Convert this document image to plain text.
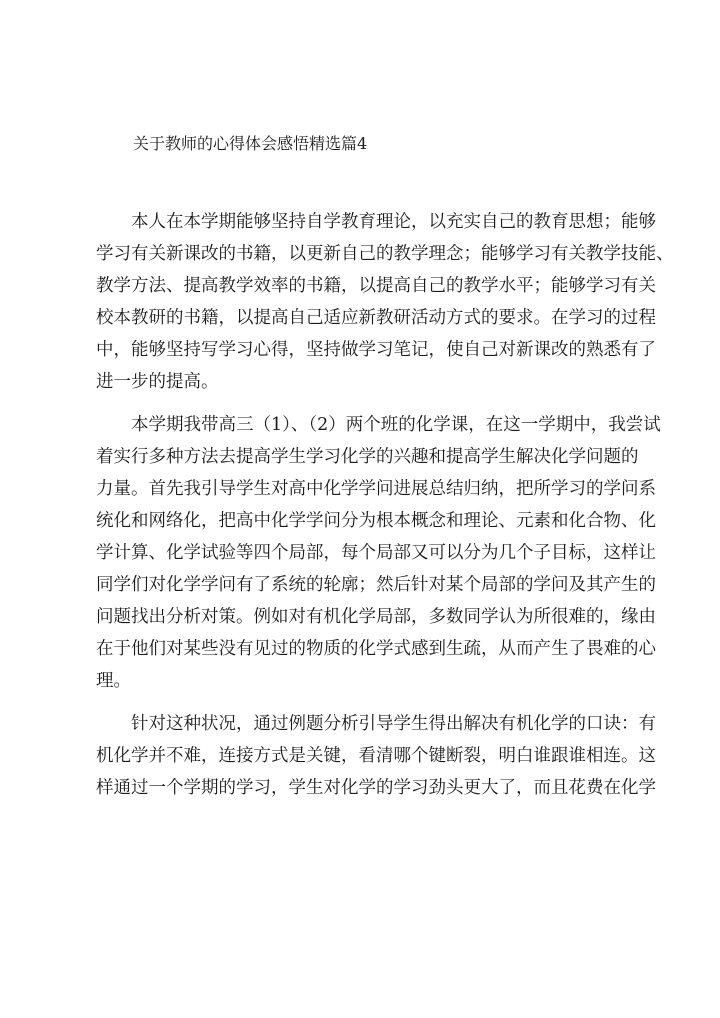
关于教师的心得体会感悟精选篇4

本人在本学期能够坚持自学教育理论，以充实自己的教育思想；能够
学习有关新课改的书籍，以更新自己的教学理念；能够学习有关教学技能、
教学方法、提高教学效率的书籍，以提高自己的教学水平；能够学习有关
校本教研的书籍，以提高自己适应新教研活动方式的要求。在学习的过程
中，能够坚持写学习心得，坚持做学习笔记，使自己对新课改的熟悉有了
进一步的提高。

本学期我带高三（1）、（2）两个班的化学课，在这一学期中，我尝试
着实行多种方法去提高学生学习化学的兴趣和提高学生解决化学问题的
力量。首先我引导学生对高中化学学问进展总结归纳，把所学习的学问系
统化和网络化，把高中化学学问分为根本概念和理论、元素和化合物、化
学计算、化学试验等四个局部，每个局部又可以分为几个子目标，这样让
同学们对化学学问有了系统的轮廓；然后针对某个局部的学问及其产生的
问题找出分析对策。例如对有机化学局部，多数同学认为所很难的，缘由
在于他们对某些没有见过的物质的化学式感到生疏，从而产生了畏难的心
理。

针对这种状况，通过例题分析引导学生得出解决有机化学的口诀：有
机化学并不难，连接方式是关键，看清哪个键断裂，明白谁跟谁相连。这
样通过一个学期的学习，学生对化学的学习劲头更大了，而且花费在化学
